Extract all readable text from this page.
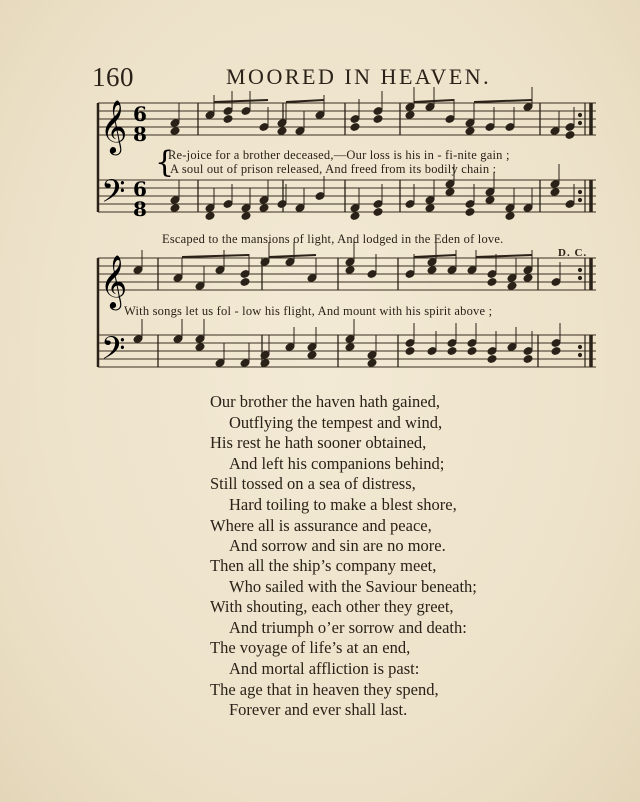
160	MOORED IN HEAVEN.
𝄞
𝄢
𝄞
𝄢
6
8
6
8
{
Re-joice for a brother deceased,—Our loss is his in - fi-nite gain ;
A soul out of prison released, And freed from its bodily chain :
Escaped to the mansions of light, And lodged in the Eden of love.
With songs let us fol - low his flight, And mount with his spirit above ;
D. C.
Our brother the haven hath gained,
Outflying the tempest and wind,
His rest he hath sooner obtained,
And left his companions behind;
Still tossed on a sea of distress,
Hard toiling to make a blest shore,
Where all is assurance and peace,
And sorrow and sin are no more.
Then all the ship’s company meet,
Who sailed with the Saviour beneath;
With shouting, each other they greet,
And triumph o’er sorrow and death:
The voyage of life’s at an end,
And mortal affliction is past:
The age that in heaven they spend,
Forever and ever shall last.
